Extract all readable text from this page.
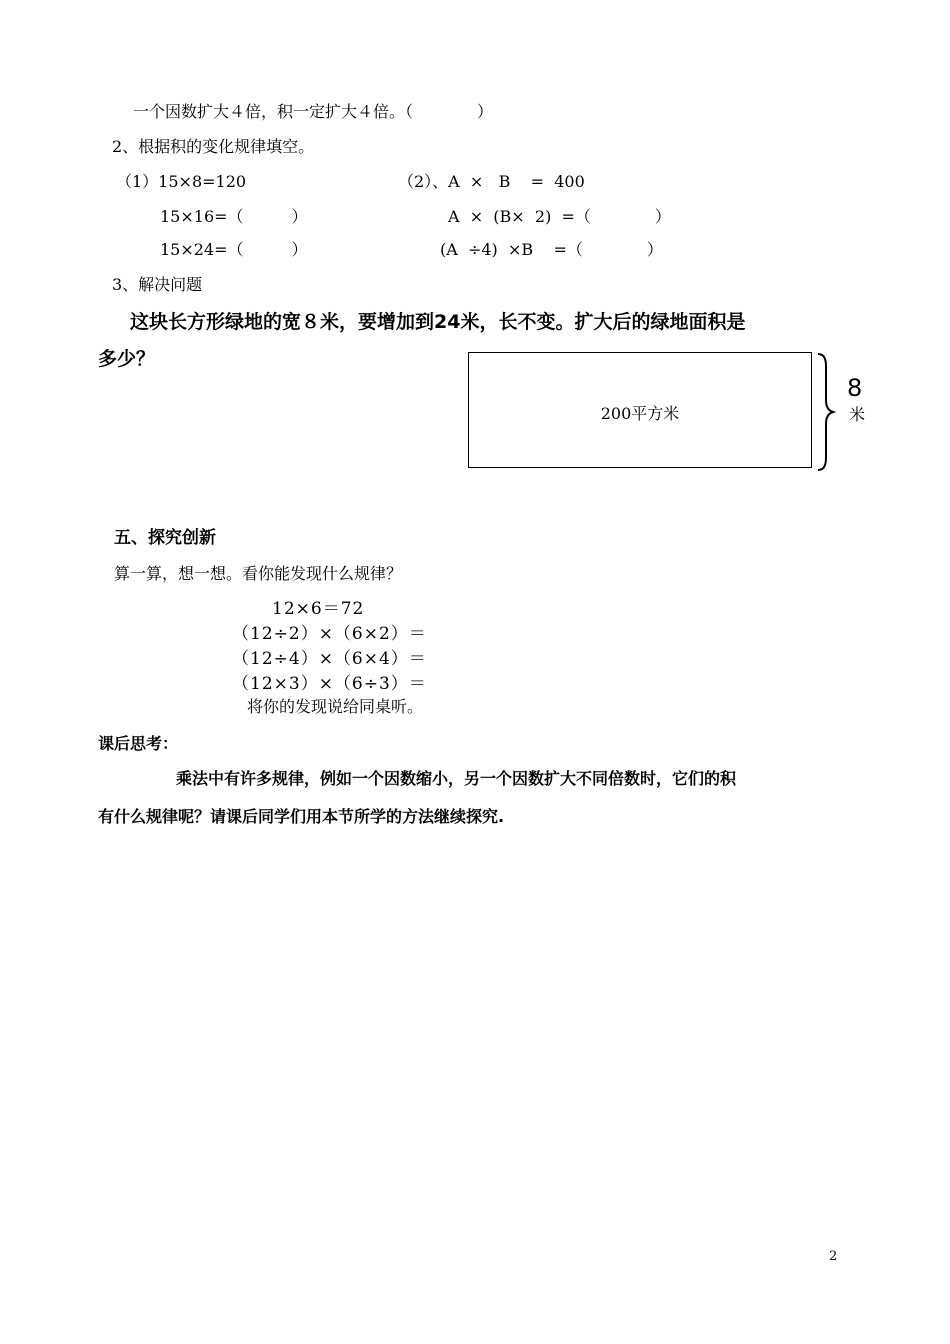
一个因数扩大４倍，积一定扩大４倍。（　　　　）
2、根据积的变化规律填空。
（1）15×8=120
15×16=（　　　）
15×24=（　　　）
（2）、A  ×   B    =  400
A  ×  (B×  2)  =（　　　　）
(A  ÷4)  ×B    =（　　　　）
3、解决问题
这块长方形绿地的宽８米，要增加到24米，长不变。扩大后的绿地面积是
多少？
200平方米
8
米
五、探究创新
算一算，想一想。看你能发现什么规律？
12×6＝72
（12÷2）×（6×2）＝
（12÷4）×（6×4）＝
（12×3）×（6÷3）＝
将你的发现说给同桌听。
课后思考：
乘法中有许多规律，例如一个因数缩小，另一个因数扩大不同倍数时，它们的积
有什么规律呢？请课后同学们用本节所学的方法继续探究.
2
